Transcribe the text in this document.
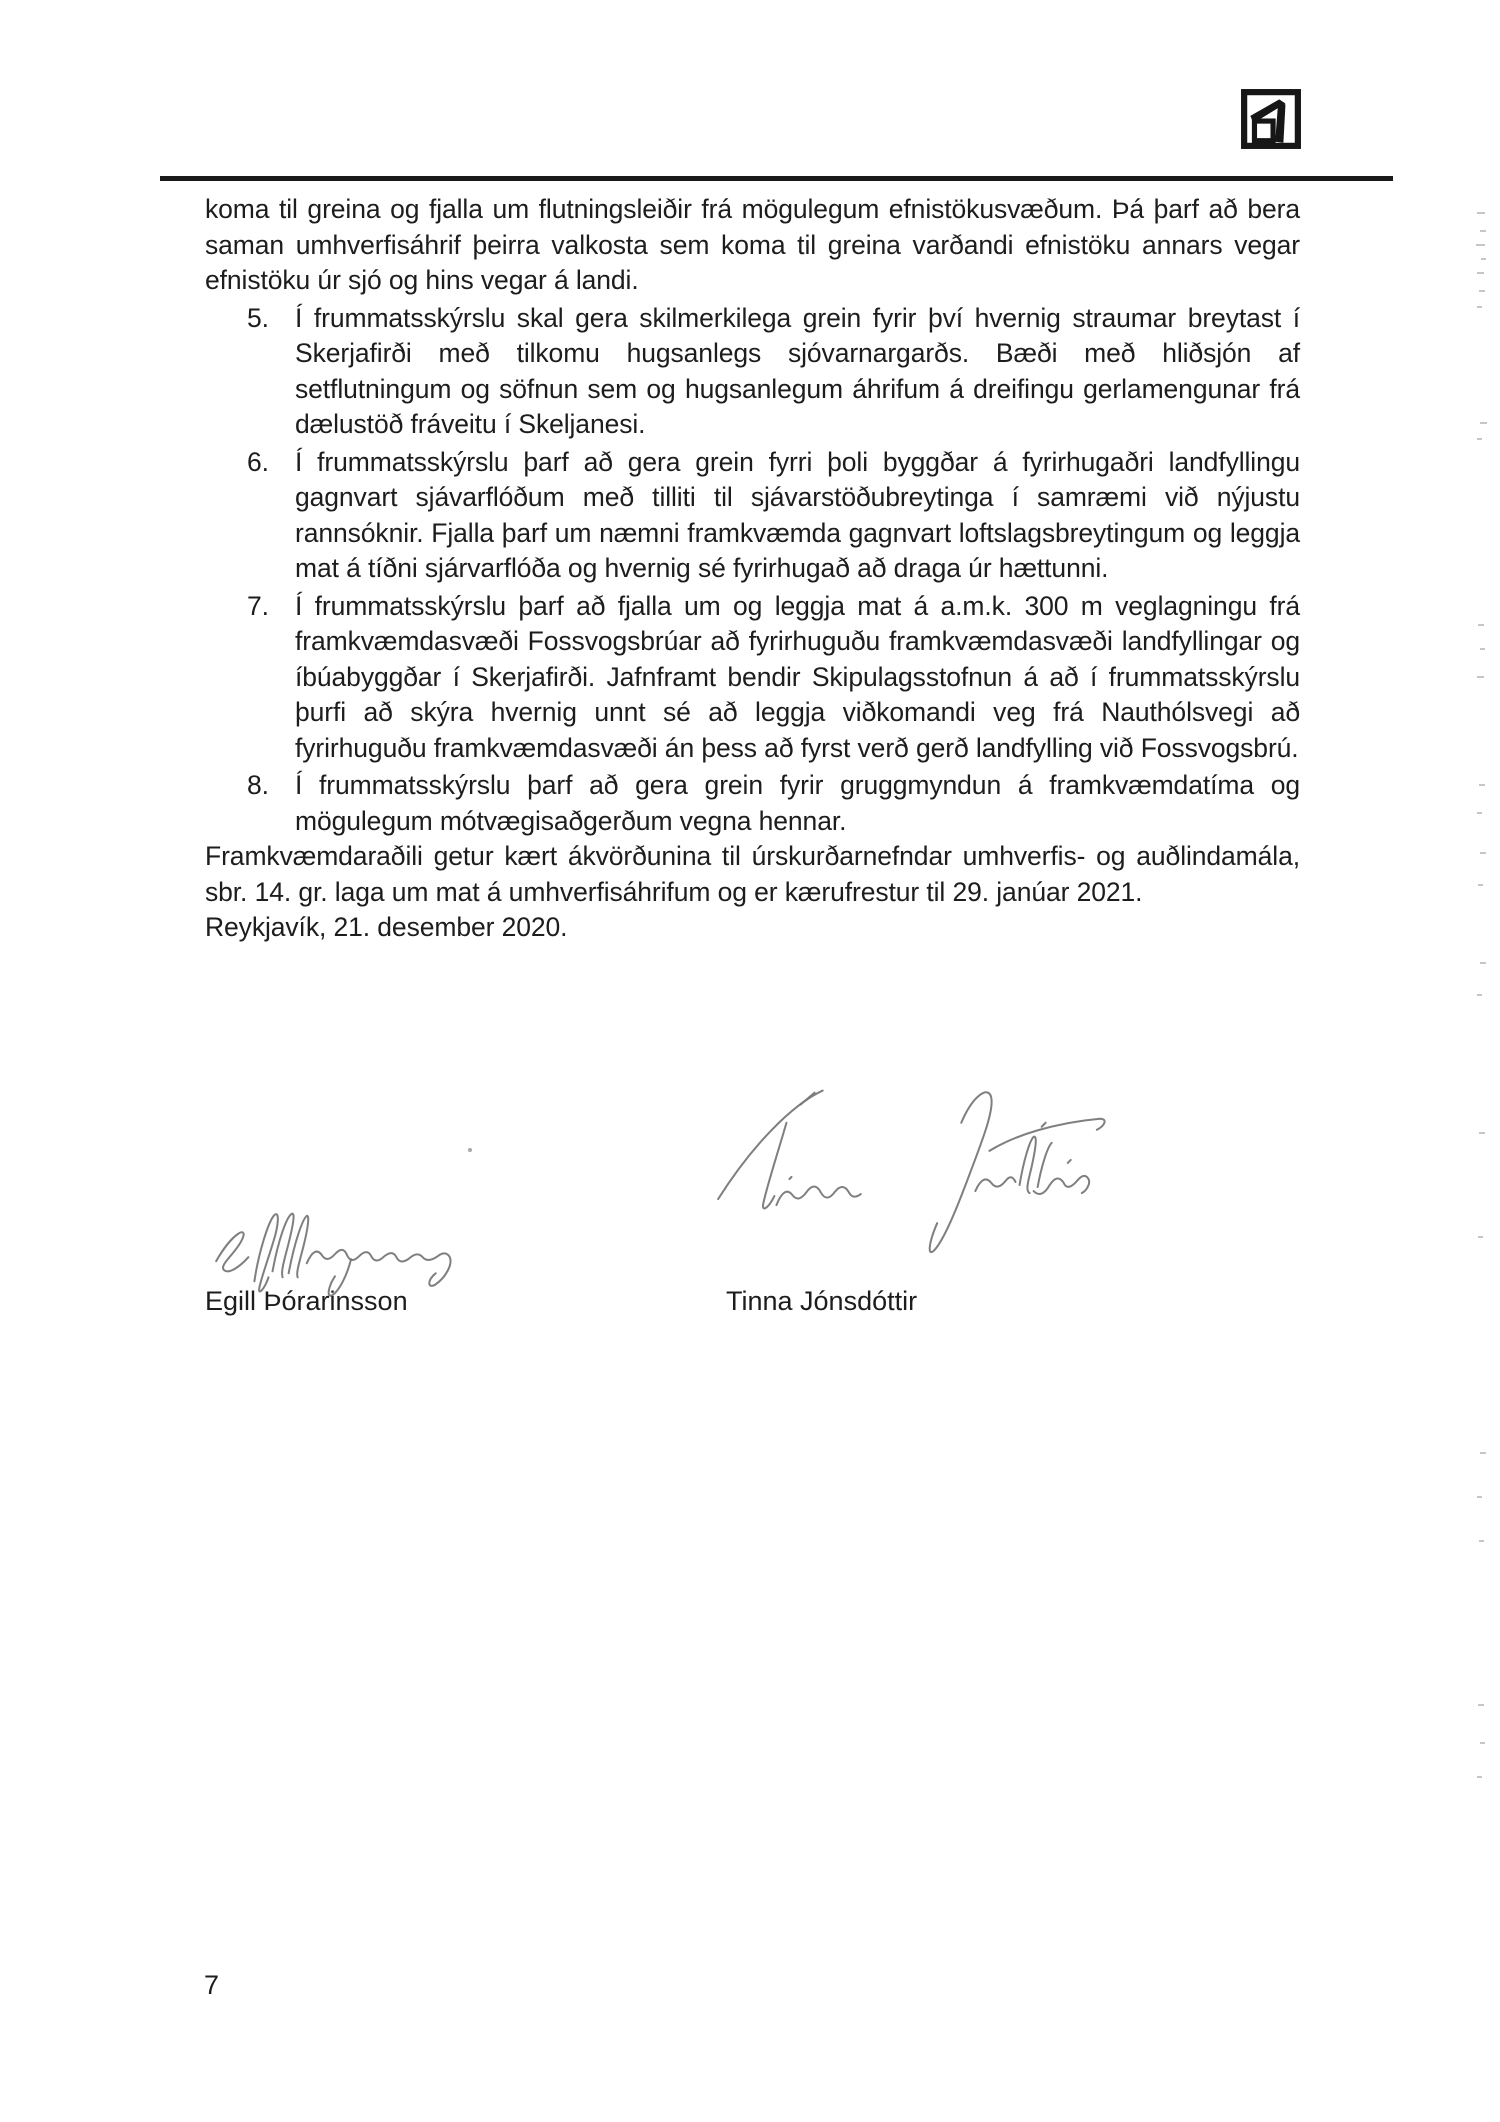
koma til greina og fjalla um flutningsleiðir frá mögulegum efnistökusvæðum. Þá þarf að bera saman umhverfisáhrif þeirra valkosta sem koma til greina varðandi efnistöku annars vegar efnistöku úr sjó og hins vegar á landi.

5. Í frummatsskýrslu skal gera skilmerkilega grein fyrir því hvernig straumar breytast í Skerjafirði með tilkomu hugsanlegs sjóvarnargarðs. Bæði með hliðsjón af setflutningum og söfnun sem og hugsanlegum áhrifum á dreifingu gerlamengunar frá dælustöð fráveitu í Skeljanesi.
6. Í frummatsskýrslu þarf að gera grein fyrri þoli byggðar á fyrirhugaðri landfyllingu gagnvart sjávarflóðum með tilliti til sjávarstöðubreytinga í samræmi við nýjustu rannsóknir. Fjalla þarf um næmni framkvæmda gagnvart loftslagsbreytingum og leggja mat á tíðni sjárvarflóða og hvernig sé fyrirhugað að draga úr hættunni.
7. Í frummatsskýrslu þarf að fjalla um og leggja mat á a.m.k. 300 m veglagningu frá framkvæmdasvæði Fossvogsbrúar að fyrirhuguðu framkvæmdasvæði landfyllingar og íbúabyggðar í Skerjafirði. Jafnframt bendir Skipulagsstofnun á að í frummatsskýrslu þurfi að skýra hvernig unnt sé að leggja viðkomandi veg frá Nauthólsvegi að fyrirhuguðu framkvæmdasvæði án þess að fyrst verð gerð landfylling við Fossvogsbrú.
8. Í frummatsskýrslu þarf að gera grein fyrir gruggmyndun á framkvæmdatíma og mögulegum mótvægisaðgerðum vegna hennar.

Framkvæmdaraðili getur kært ákvörðunina til úrskurðarnefndar umhverfis- og auðlindamála, sbr. 14. gr. laga um mat á umhverfisáhrifum og er kærufrestur til 29. janúar 2021.

Reykjavík, 21. desember 2020.

Egill Þórarinsson	Tinna Jónsdóttir
7
